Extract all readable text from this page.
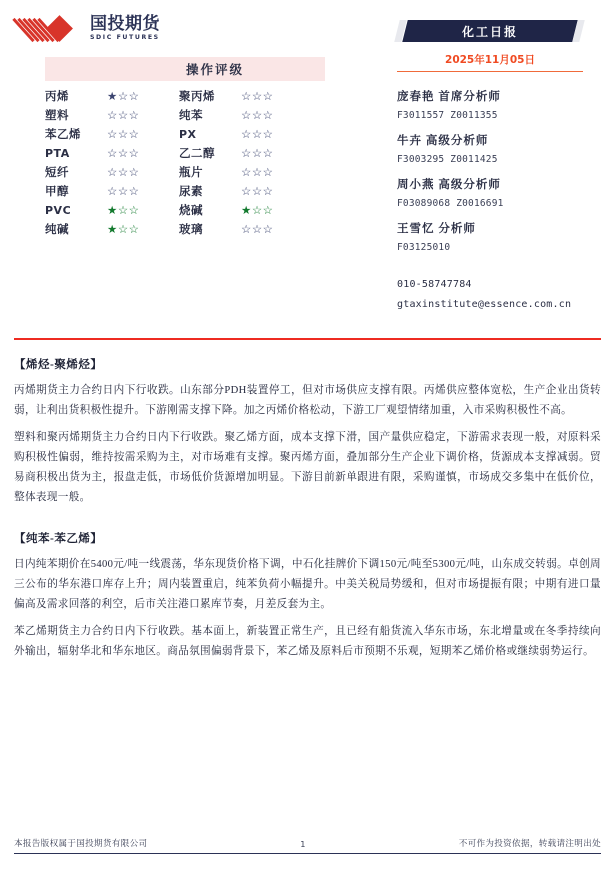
国投期货
SDIC FUTURES
操作评级
丙烯	★☆☆	聚丙烯	☆☆☆
塑料	☆☆☆	纯苯	☆☆☆
苯乙烯	☆☆☆	PX	☆☆☆
PTA	☆☆☆	乙二醇	☆☆☆
短纤	☆☆☆	瓶片	☆☆☆
甲醇	☆☆☆	尿素	☆☆☆
PVC	★☆☆	烧碱	★☆☆
纯碱	★☆☆	玻璃	☆☆☆
化工日报
2025年11月05日
庞春艳 首席分析师
F3011557 Z0011355
牛卉 高级分析师
F3003295 Z0011425
周小燕 高级分析师
F03089068 Z0016691
王雪忆 分析师
F03125010
010-58747784
gtaxinstitute@essence.com.cn
【烯烃-聚烯烃】
丙烯期货主力合约日内下行收跌。山东部分PDH装置停工，但对市场供应支撑有限。丙烯供应整体宽松，生产企业出货转弱，让利出货积极性提升。下游刚需支撑下降。加之丙烯价格松动，下游工厂观望情绪加重，入市采购积极性不高。
塑料和聚丙烯期货主力合约日内下行收跌。聚乙烯方面，成本支撑下滑，国产量供应稳定，下游需求表现一般，对原料采购积极性偏弱，维持按需采购为主，对市场难有支撑。聚丙烯方面，叠加部分生产企业下调价格，货源成本支撑减弱。贸易商积极出货为主，报盘走低，市场低价货源增加明显。下游目前新单跟进有限，采购谨慎，市场成交多集中在低价位，整体表现一般。
【纯苯-苯乙烯】
日内纯苯期价在5400元/吨一线震荡，华东现货价格下调，中石化挂牌价下调150元/吨至5300元/吨，山东成交转弱。卓创周三公布的华东港口库存上升；周内装置重启，纯苯负荷小幅提升。中美关税局势缓和，但对市场提振有限；中期有进口量偏高及需求回落的利空，后市关注港口累库节奏，月差反套为主。
苯乙烯期货主力合约日内下行收跌。基本面上，新装置正常生产，且已经有船货流入华东市场，东北增量或在冬季持续向外输出，辐射华北和华东地区。商品氛围偏弱背景下，苯乙烯及原料后市预期不乐观，短期苯乙烯价格或继续弱势运行。
本报告版权属于国投期货有限公司	1	不可作为投资依据，转载请注明出处
